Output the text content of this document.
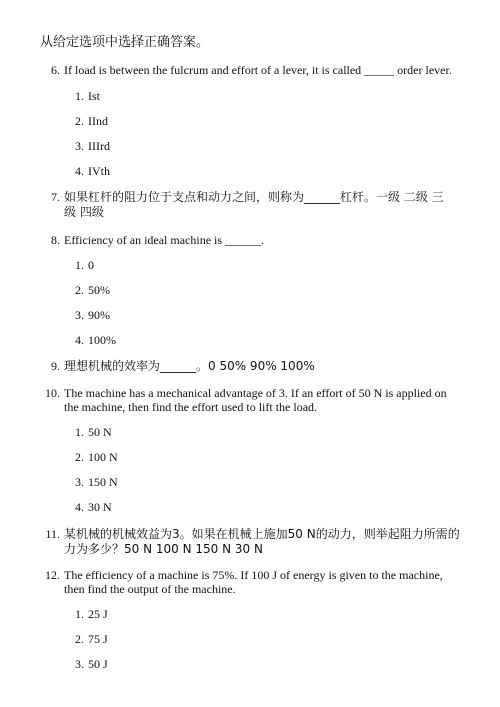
从给定选项中选择正确答案。
6. If load is between the fulcrum and effort of a lever, it is called _____ order lever.
1. Ist
2. IInd
3. IIIrd
4. IVth
7. 如果杠杆的阻力位于支点和动力之间，则称为______杠杆。一级 二级 三级 四级
8. Efficiency of an ideal machine is ______.
1. 0
2. 50%
3. 90%
4. 100%
9. 理想机械的效率为______。0 50% 90% 100%
10. The machine has a mechanical advantage of 3. If an effort of 50 N is applied on the machine, then find the effort used to lift the load.
1. 50 N
2. 100 N
3. 150 N
4. 30 N
11. 某机械的机械效益为3。如果在机械上施加50 N的动力，则举起阻力所需的力为多少？50 N 100 N 150 N 30 N
12. The efficiency of a machine is 75%. If 100 J of energy is given to the machine, then find the output of the machine.
1. 25 J
2. 75 J
3. 50 J
